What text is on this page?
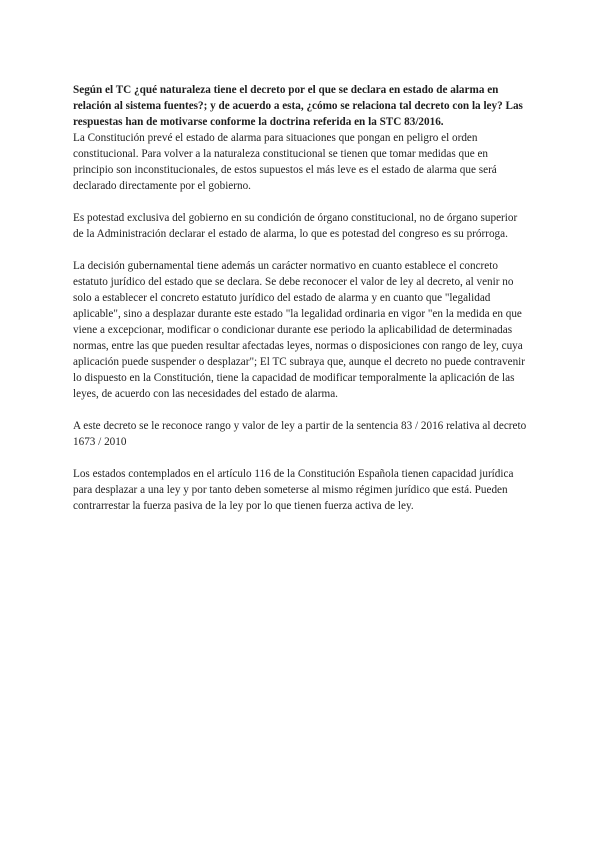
Según el TC ¿qué naturaleza tiene el decreto por el que se declara en estado de alarma en relación al sistema fuentes?; y de acuerdo a esta, ¿cómo se relaciona tal decreto con la ley? Las respuestas han de motivarse conforme la doctrina referida en la STC 83/2016.

La Constitución prevé el estado de alarma para situaciones que pongan en peligro el orden constitucional. Para volver a la naturaleza constitucional se tienen que tomar medidas que en principio son inconstitucionales, de estos supuestos el más leve es el estado de alarma que será declarado directamente por el gobierno.

Es potestad exclusiva del gobierno en su condición de órgano constitucional, no de órgano superior de la Administración declarar el estado de alarma, lo que es potestad del congreso es su prórroga.

La decisión gubernamental tiene además un carácter normativo en cuanto establece el concreto estatuto jurídico del estado que se declara. Se debe reconocer el valor de ley al decreto, al venir no solo a establecer el concreto estatuto jurídico del estado de alarma y en cuanto que "legalidad aplicable", sino a desplazar durante este estado "la legalidad ordinaria en vigor "en la medida en que viene a excepcionar, modificar o condicionar durante ese periodo la aplicabilidad de determinadas normas, entre las que pueden resultar afectadas leyes, normas o disposiciones con rango de ley, cuya aplicación puede suspender o desplazar"; El TC subraya que, aunque el decreto no puede contravenir lo dispuesto en la Constitución, tiene la capacidad de modificar temporalmente la aplicación de las leyes, de acuerdo con las necesidades del estado de alarma.

A este decreto se le reconoce rango y valor de ley a partir de la sentencia 83 / 2016 relativa al decreto 1673 / 2010

Los estados contemplados en el artículo 116 de la Constitución Española tienen capacidad jurídica para desplazar a una ley y por tanto deben someterse al mismo régimen jurídico que está. Pueden contrarrestar la fuerza pasiva de la ley por lo que tienen fuerza activa de ley.
